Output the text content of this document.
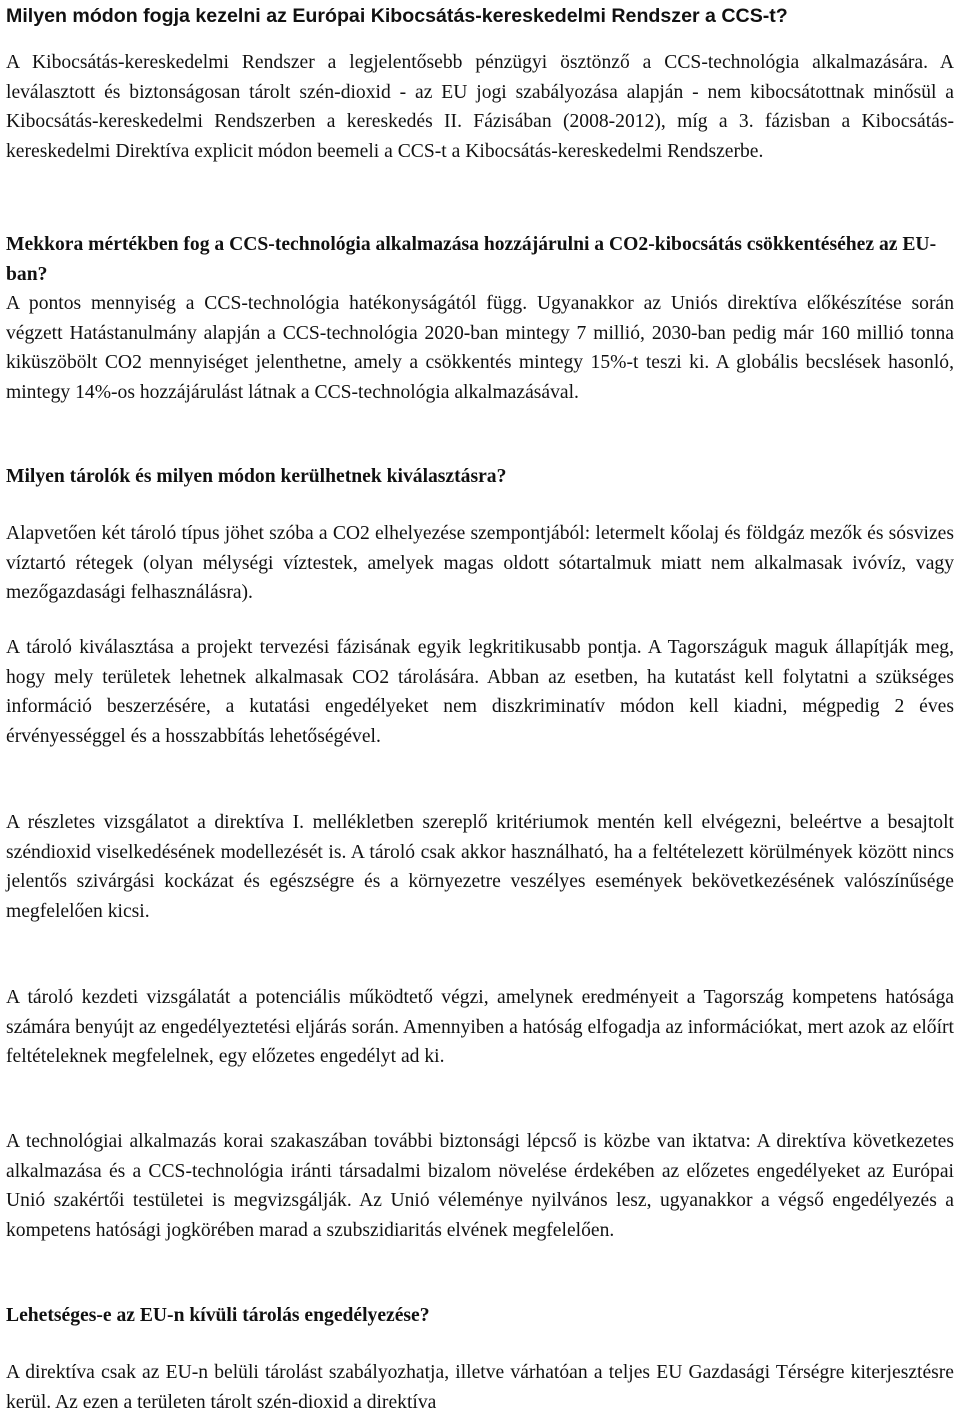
Milyen módon fogja kezelni az Európai Kibocsátás-kereskedelmi Rendszer a CCS-t?

A Kibocsátás-kereskedelmi Rendszer a legjelentősebb pénzügyi ösztönző a CCS-technológia alkalmazására. A leválasztott és biztonságosan tárolt szén-dioxid - az EU jogi szabályozása alapján - nem kibocsátottnak minősül a Kibocsátás-kereskedelmi Rendszerben a kereskedés II. Fázisában (2008-2012), míg a 3. fázisban a Kibocsátás-kereskedelmi Direktíva explicit módon beemeli a CCS-t a Kibocsátás-kereskedelmi Rendszerbe.

Mekkora mértékben fog a CCS-technológia alkalmazása hozzájárulni a CO2-kibocsátás csökkentéséhez az EU-ban?

A pontos mennyiség a CCS-technológia hatékonyságától függ. Ugyanakkor az Uniós direktíva előkészítése során végzett Hatástanulmány alapján a CCS-technológia 2020-ban mintegy 7 millió, 2030-ban pedig már 160 millió tonna kiküszöbölt CO2 mennyiséget jelenthetne, amely a csökkentés mintegy 15%-t teszi ki. A globális becslések hasonló, mintegy 14%-os hozzájárulást látnak a CCS-technológia alkalmazásával.

Milyen tárolók és milyen módon kerülhetnek kiválasztásra?

Alapvetően két tároló típus jöhet szóba a CO2 elhelyezése szempontjából: letermelt kőolaj és földgáz mezők és sósvizes víztartó rétegek (olyan mélységi víztestek, amelyek magas oldott sótartalmuk miatt nem alkalmasak ivóvíz, vagy mezőgazdasági felhasználásra).

A tároló kiválasztása a projekt tervezési fázisának egyik legkritikusabb pontja. A Tagországuk maguk állapítják meg, hogy mely területek lehetnek alkalmasak CO2 tárolására. Abban az esetben, ha kutatást kell folytatni a szükséges információ beszerzésére, a kutatási engedélyeket nem diszkriminatív módon kell kiadni, mégpedig 2 éves érvényességgel és a hosszabbítás lehetőségével.

A részletes vizsgálatot a direktíva I. mellékletben szereplő kritériumok mentén kell elvégezni, beleértve a besajtolt széndioxid viselkedésének modellezését is. A tároló csak akkor használható, ha a feltételezett körülmények között nincs jelentős szivárgási kockázat és egészségre és a környezetre veszélyes események bekövetkezésének valószínűsége megfelelően kicsi.

A tároló kezdeti vizsgálatát a potenciális működtető végzi, amelynek eredményeit a Tagország kompetens hatósága számára benyújt az engedélyeztetési eljárás során. Amennyiben a hatóság elfogadja az információkat, mert azok az előírt feltételeknek megfelelnek, egy előzetes engedélyt ad ki.

A technológiai alkalmazás korai szakaszában további biztonsági lépcső is közbe van iktatva: A direktíva következetes alkalmazása és a CCS-technológia iránti társadalmi bizalom növelése érdekében az előzetes engedélyeket az Európai Unió szakértői testületei is megvizsgálják. Az Unió véleménye nyilvános lesz, ugyanakkor a végső engedélyezés a kompetens hatósági jogkörében marad a szubszidiaritás elvének megfelelően.

Lehetséges-e az EU-n kívüli tárolás engedélyezése?

A direktíva csak az EU-n belüli tárolást szabályozhatja, illetve várhatóan a teljes EU Gazdasági Térségre kiterjesztésre kerül. Az ezen a területen tárolt szén-dioxid a direktíva
